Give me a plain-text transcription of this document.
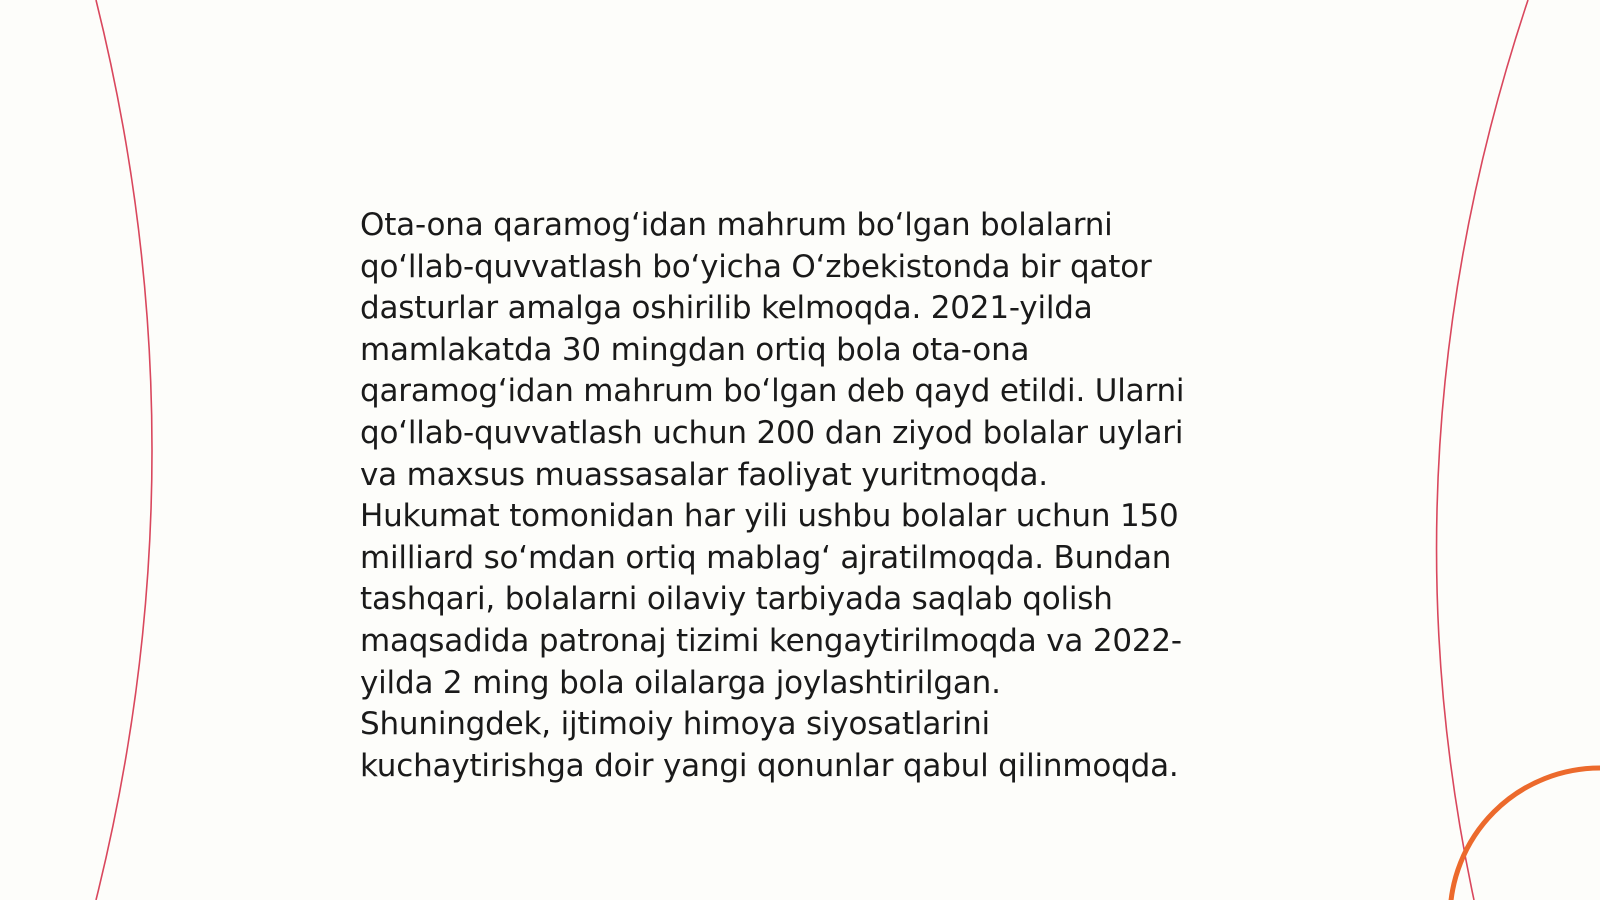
Ota-ona qaramogʻidan mahrum boʻlgan bolalarni
qoʻllab-quvvatlash boʻyicha Oʻzbekistonda bir qator
dasturlar amalga oshirilib kelmoqda. 2021-yilda
mamlakatda 30 mingdan ortiq bola ota-ona
qaramogʻidan mahrum boʻlgan deb qayd etildi. Ularni
qoʻllab-quvvatlash uchun 200 dan ziyod bolalar uylari
va maxsus muassasalar faoliyat yuritmoqda.
Hukumat tomonidan har yili ushbu bolalar uchun 150
milliard soʻmdan ortiq mablagʻ ajratilmoqda. Bundan
tashqari, bolalarni oilaviy tarbiyada saqlab qolish
maqsadida patronaj tizimi kengaytirilmoqda va 2022-
yilda 2 ming bola oilalarga joylashtirilgan.
Shuningdek, ijtimoiy himoya siyosatlarini
kuchaytirishga doir yangi qonunlar qabul qilinmoqda.
